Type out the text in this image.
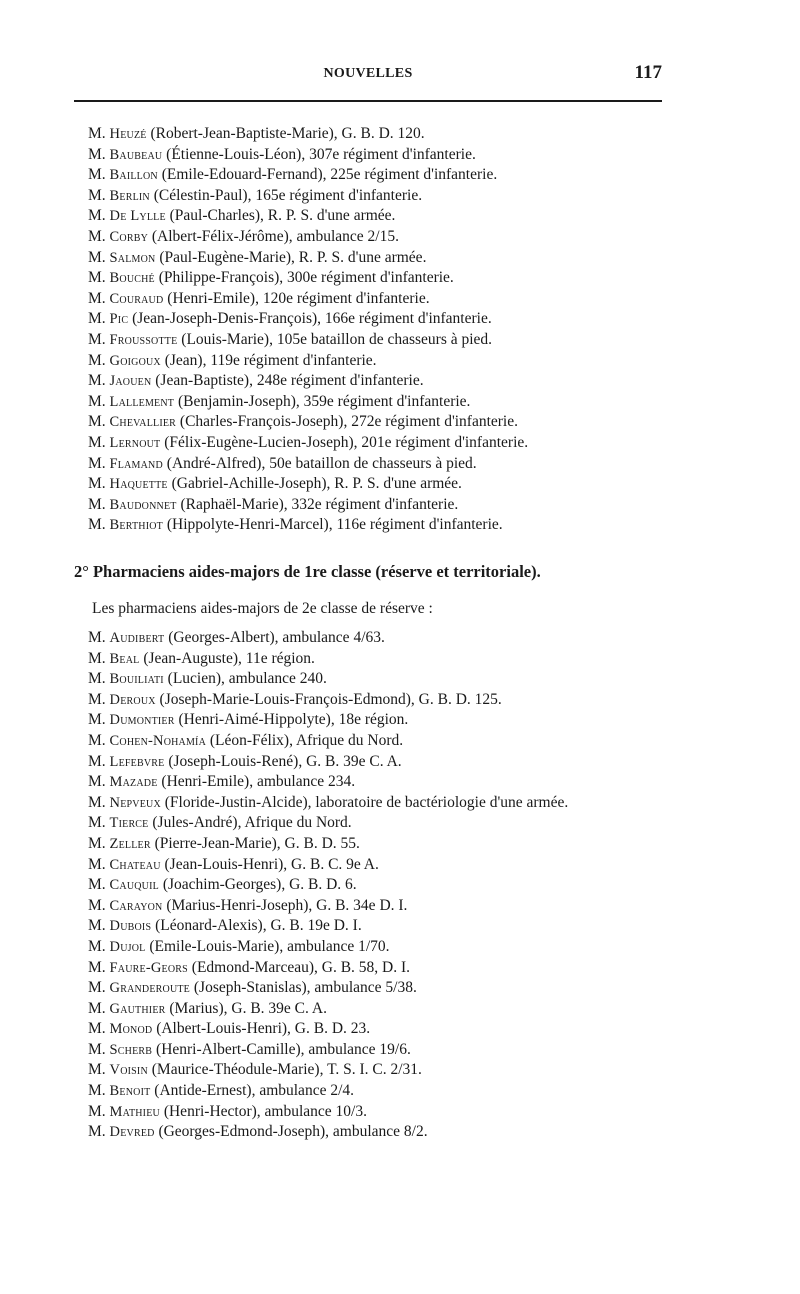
NOUVELLES	117
M. Heuzé (Robert-Jean-Baptiste-Marie), G. B. D. 120.
M. Baubeau (Étienne-Louis-Léon), 307e régiment d'infanterie.
M. Baillon (Emile-Edouard-Fernand), 225e régiment d'infanterie.
M. Berlin (Célestin-Paul), 165e régiment d'infanterie.
M. De Lylle (Paul-Charles), R. P. S. d'une armée.
M. Corby (Albert-Félix-Jérôme), ambulance 2/15.
M. Salmon (Paul-Eugène-Marie), R. P. S. d'une armée.
M. Bouché (Philippe-François), 300e régiment d'infanterie.
M. Couraud (Henri-Emile), 120e régiment d'infanterie.
M. Pic (Jean-Joseph-Denis-François), 166e régiment d'infanterie.
M. Froussotte (Louis-Marie), 105e bataillon de chasseurs à pied.
M. Goigoux (Jean), 119e régiment d'infanterie.
M. Jaouen (Jean-Baptiste), 248e régiment d'infanterie.
M. Lallement (Benjamin-Joseph), 359e régiment d'infanterie.
M. Chevallier (Charles-François-Joseph), 272e régiment d'infanterie.
M. Lernout (Félix-Eugène-Lucien-Joseph), 201e régiment d'infanterie.
M. Flamand (André-Alfred), 50e bataillon de chasseurs à pied.
M. Haquette (Gabriel-Achille-Joseph), R. P. S. d'une armée.
M. Baudonnet (Raphaël-Marie), 332e régiment d'infanterie.
M. Berthiot (Hippolyte-Henri-Marcel), 116e régiment d'infanterie.

2° Pharmaciens aides-majors de 1re classe (réserve et territoriale).

Les pharmaciens aides-majors de 2e classe de réserve :

M. Audibert (Georges-Albert), ambulance 4/63.
M. Beal (Jean-Auguste), 11e région.
M. Bouiliati (Lucien), ambulance 240.
M. Deroux (Joseph-Marie-Louis-François-Edmond), G. B. D. 125.
M. Dumontier (Henri-Aimé-Hippolyte), 18e région.
M. Cohen-Nohamía (Léon-Félix), Afrique du Nord.
M. Lefebvre (Joseph-Louis-René), G. B. 39e C. A.
M. Mazade (Henri-Emile), ambulance 234.
M. Nepveux (Floride-Justin-Alcide), laboratoire de bactériologie d'une armée.
M. Tierce (Jules-André), Afrique du Nord.
M. Zeller (Pierre-Jean-Marie), G. B. D. 55.
M. Chateau (Jean-Louis-Henri), G. B. C. 9e A.
M. Cauquil (Joachim-Georges), G. B. D. 6.
M. Carayon (Marius-Henri-Joseph), G. B. 34e D. I.
M. Dubois (Léonard-Alexis), G. B. 19e D. I.
M. Dujol (Emile-Louis-Marie), ambulance 1/70.
M. Faure-Geors (Edmond-Marceau), G. B. 58, D. I.
M. Granderoute (Joseph-Stanislas), ambulance 5/38.
M. Gauthier (Marius), G. B. 39e C. A.
M. Monod (Albert-Louis-Henri), G. B. D. 23.
M. Scherb (Henri-Albert-Camille), ambulance 19/6.
M. Voisin (Maurice-Théodule-Marie), T. S. I. C. 2/31.
M. Benoit (Antide-Ernest), ambulance 2/4.
M. Mathieu (Henri-Hector), ambulance 10/3.
M. Devred (Georges-Edmond-Joseph), ambulance 8/2.
